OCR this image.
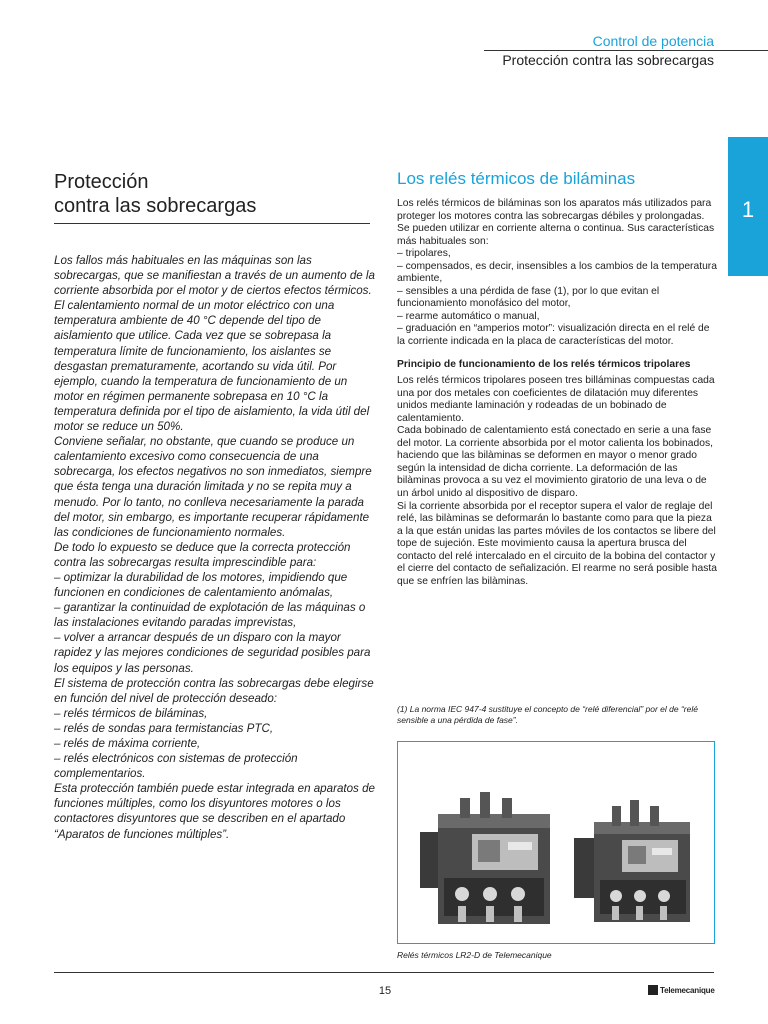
Control de potencia
Protección contra las sobrecargas
1
Protección
contra las sobrecargas

Los fallos más habituales en las máquinas son las sobrecargas, que se manifiestan a través de un aumento de la corriente absorbida por el motor y de ciertos efectos térmicos. El calentamiento normal de un motor eléctrico con una temperatura ambiente de 40 °C depende del tipo de aislamiento que utilice. Cada vez que se sobrepasa la temperatura límite de funcionamiento, los aislantes se desgastan prematuramente, acortando su vida útil. Por ejemplo, cuando la temperatura de funcionamiento de un motor en régimen permanente sobrepasa en 10 °C la temperatura definida por el tipo de aislamiento, la vida útil del motor se reduce un 50%.

Conviene señalar, no obstante, que cuando se produce un calentamiento excesivo como consecuencia de una sobrecarga, los efectos negativos no son inmediatos, siempre que ésta tenga una duración limitada y no se repita muy a menudo. Por lo tanto, no conlleva necesariamente la parada del motor, sin embargo, es importante recuperar rápidamente las condiciones de funcionamiento normales.

De todo lo expuesto se deduce que la correcta protección contra las sobrecargas resulta imprescindible para:

– optimizar la durabilidad de los motores, impidiendo que funcionen en condiciones de calentamiento anómalas,

– garantizar la continuidad de explotación de las máquinas o las instalaciones evitando paradas imprevistas,

– volver a arrancar después de un disparo con la mayor rapidez y las mejores condiciones de seguridad posibles para los equipos y las personas.

El sistema de protección contra las sobrecargas debe elegirse en función del nivel de protección deseado:

– relés térmicos de biláminas,

– relés de sondas para termistancias PTC,

– relés de máxima corriente,

– relés electrónicos con sistemas de protección complementarios.

Esta protección también puede estar integrada en aparatos de funciones múltiples, como los disyuntores motores o los contactores disyuntores que se describen en el apartado “Aparatos de funciones múltiples”.

Los relés térmicos de biláminas

Los relés térmicos de biláminas son los aparatos más utilizados para proteger los motores contra las sobrecargas débiles y prolongadas. Se pueden utilizar en corriente alterna o continua. Sus características más habituales son:

– tripolares,

– compensados, es decir, insensibles a los cambios de la temperatura ambiente,

– sensibles a una pérdida de fase (1), por lo que evitan el funcionamiento monofásico del motor,

– rearme automático o manual,

– graduación en “amperios motor”: visualización directa en el relé de la corriente indicada en la placa de características del motor.

Principio de funcionamiento de los relés térmicos tripolares

Los relés térmicos tripolares poseen tres billáminas compuestas cada una por dos metales con coeficientes de dilatación muy diferentes unidos mediante laminación y rodeadas de un bobinado de calentamiento.

Cada bobinado de calentamiento está conectado en serie a una fase del motor. La corriente absorbida por el motor calienta los bobinados, haciendo que las bilàminas se deformen en mayor o menor grado según la intensidad de dicha corriente. La deformación de las bilàminas provoca a su vez el movimiento giratorio de una leva o de un árbol unido al dispositivo de disparo.

Si la corriente absorbida por el receptor supera el valor de reglaje del relé, las bilàminas se deformarán lo bastante como para que la pieza a la que están unidas las partes móviles de los contactos se libere del tope de sujeción. Este movimiento causa la apertura brusca del contacto del relé intercalado en el circuito de la bobina del contactor y el cierre del contacto de señalización. El rearme no será posible hasta que se enfríen las bilàminas.

(1) La norma IEC 947-4 sustituye el concepto de “relé diferencial” por el de “relé sensible a una pérdida de fase”.
Relés térmicos LR2-D de Telemecanique
15	Telemecanique
